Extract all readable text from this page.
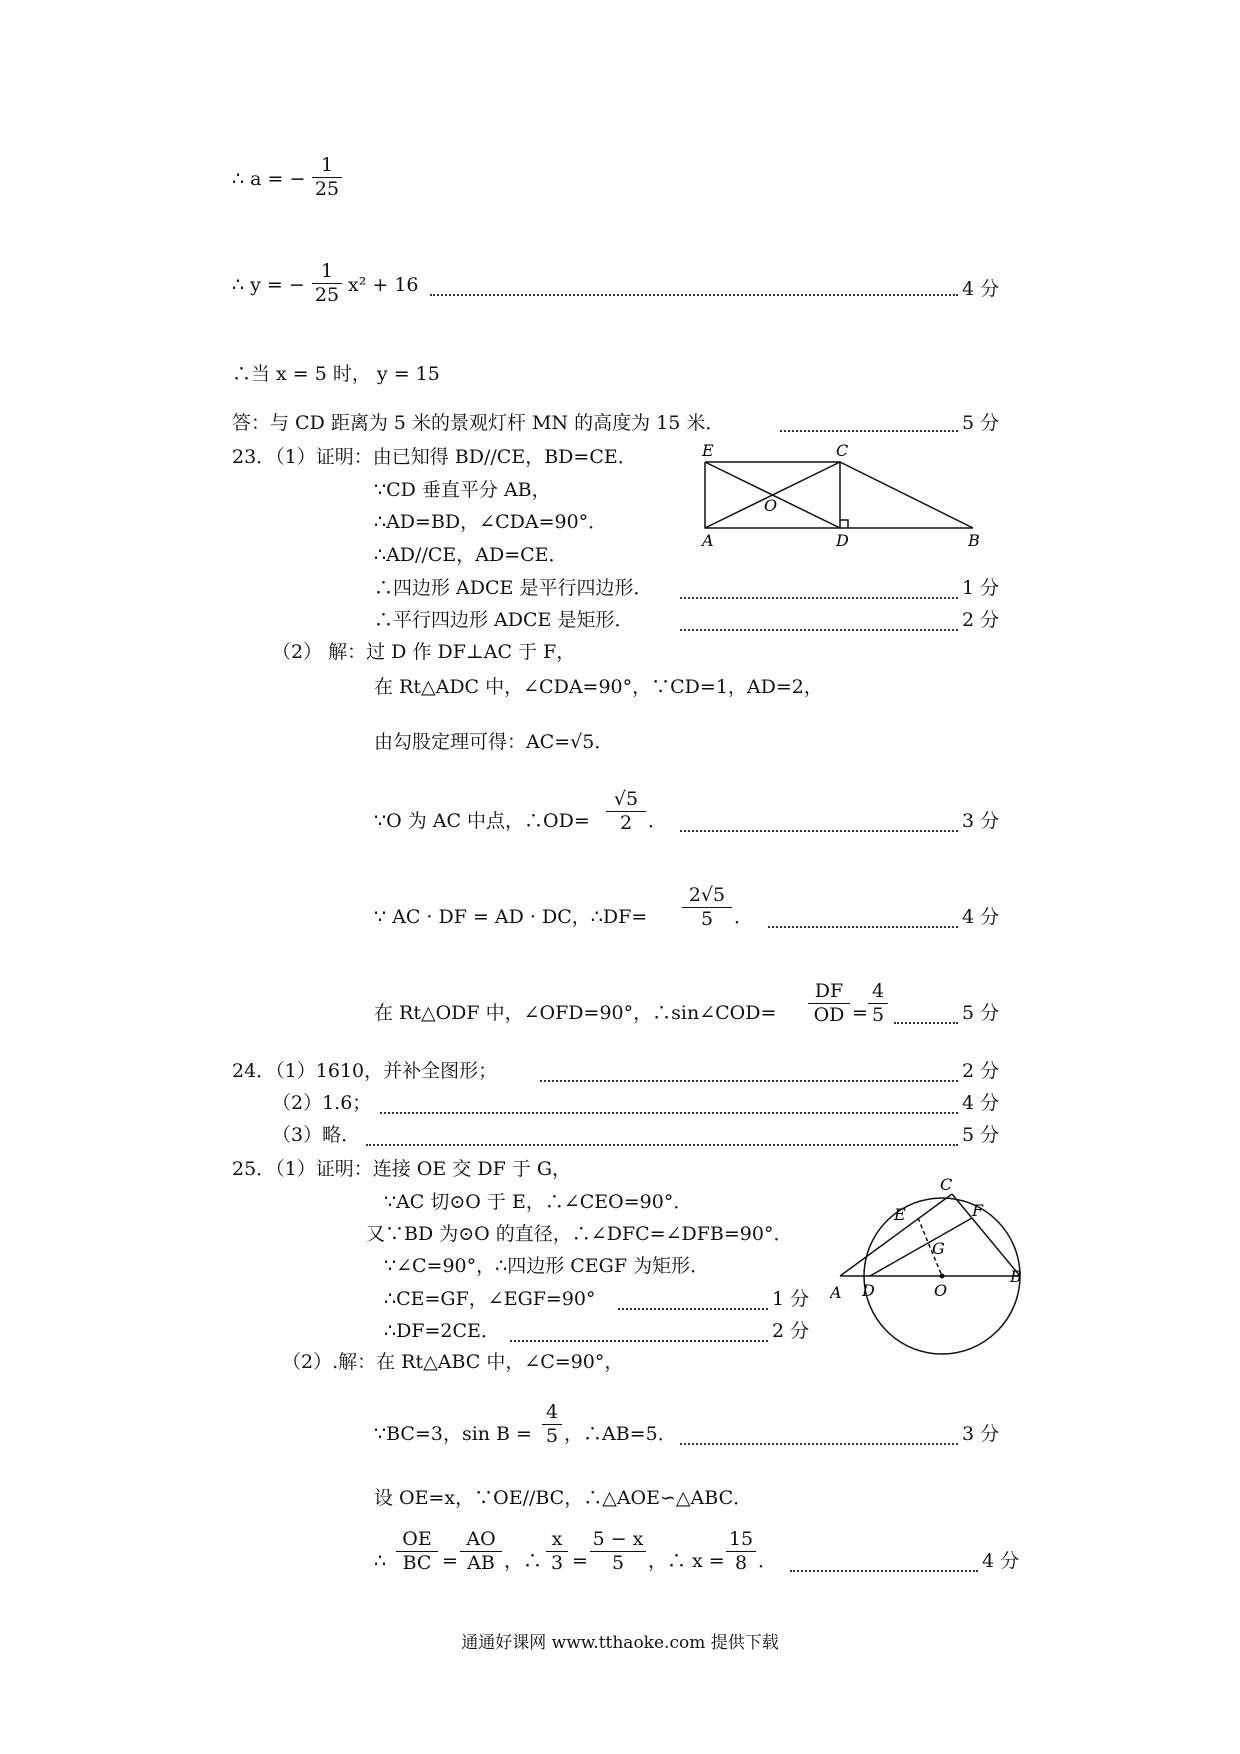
∴ a = −
1
25
∴ y = −
1
25 x² + 16	4 分
∴当 x = 5 时， y = 15
答：与 CD 距离为 5 米的景观灯杆 MN 的高度为 15 米．	5 分
23．（1）证明：由已知得 BD//CE，BD=CE．
∵CD 垂直平分 AB，
∴AD=BD，∠CDA=90°．
∴AD//CE，AD=CE．
∴四边形 ADCE 是平行四边形．	1 分
∴平行四边形 ADCE 是矩形．	2 分
E	C
O
A	D	B
（2） 解：过 D 作 DF⊥AC 于 F，
在 Rt△ADC 中，∠CDA=90°，∵CD=1，AD=2，
由勾股定理可得：AC=√5．
∵O 为 AC 中点，∴OD=
√5
2 ．	3 分
∵ AC · DF = AD · DC，∴DF=
2√5
5	．	4 分
在 Rt△ODF 中，∠OFD=90°，∴sin∠COD=
DF
OD =
4
5	5 分
24．（1）1610，并补全图形；	2 分
（2）1.6；	4 分
（3）略．	5 分
25．（1）证明：连接 OE 交 DF 于 G，
∵AC 切⊙O 于 E，∴∠CEO=90°．
又∵BD 为⊙O 的直径，∴∠DFC=∠DFB=90°．
∵∠C=90°，∴四边形 CEGF 为矩形．
∴CE=GF，∠EGF=90°	1 分
∴DF=2CE．	2 分
C
F
E
G
A D	O
B
（2）.解：在 Rt△ABC 中，∠C=90°，
∵BC=3，sin B =
4
5 ，∴AB=5．	3 分
设 OE=x，∵OE//BC，∴△AOE∽△ABC．
∴
OE
BC =
AO
AB ，∴
x
3 =
5 − x
5	，∴ x =
15
8 ．	4 分
通通好课网 www.tthaoke.com 提供下载
